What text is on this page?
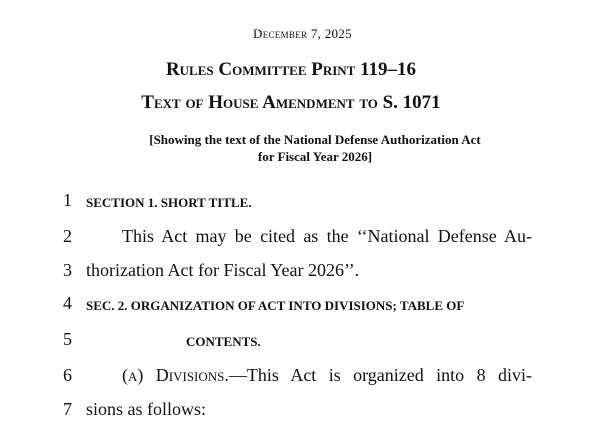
December 7, 2025
Rules Committee Print 119–16
Text of House Amendment to S. 1071
[Showing the text of the National Defense Authorization Act
for Fiscal Year 2026]
1 SECTION 1. SHORT TITLE.
2	This Act may be cited as the ‘‘National Defense Au-
3 thorization Act for Fiscal Year 2026’’.
4 SEC. 2. ORGANIZATION OF ACT INTO DIVISIONS; TABLE OF
5	CONTENTS.
6	(a) Divisions.—This Act is organized into 8 divi-
7 sions as follows:
